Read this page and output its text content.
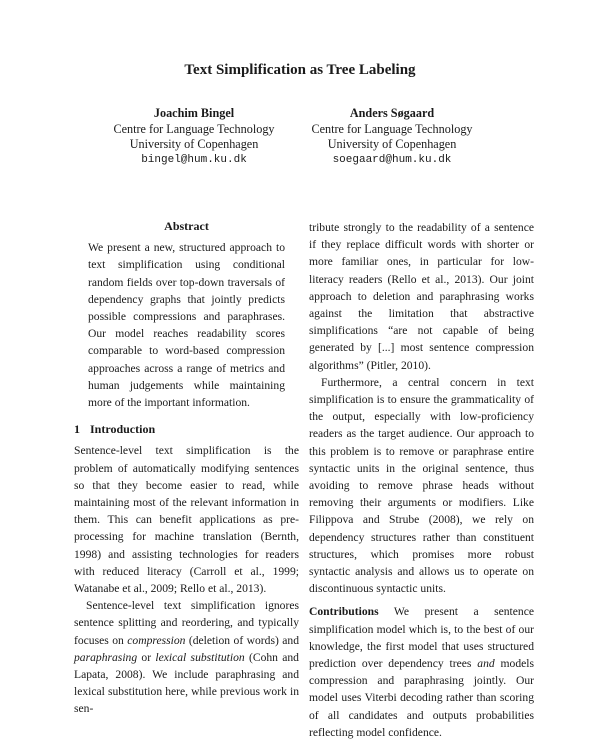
Text Simplification as Tree Labeling
Joachim Bingel
Centre for Language Technology
University of Copenhagen
bingel@hum.ku.dk
Anders Søgaard
Centre for Language Technology
University of Copenhagen
soegaard@hum.ku.dk
Abstract

We present a new, structured approach to text simplification using conditional random fields over top-down traversals of dependency graphs that jointly predicts possible compressions and paraphrases. Our model reaches readability scores comparable to word-based compression approaches across a range of metrics and human judgements while maintaining more of the important information.

1 Introduction

Sentence-level text simplification is the problem of automatically modifying sentences so that they become easier to read, while maintaining most of the relevant information in them. This can benefit applications as pre-processing for machine translation (Bernth, 1998) and assisting technologies for readers with reduced literacy (Carroll et al., 1999; Watanabe et al., 2009; Rello et al., 2013).

Sentence-level text simplification ignores sentence splitting and reordering, and typically focuses on compression (deletion of words) and paraphrasing or lexical substitution (Cohn and Lapata, 2008). We include paraphrasing and lexical substitution here, while previous work in sen-

tribute strongly to the readability of a sentence if they replace difficult words with shorter or more familiar ones, in particular for low-literacy readers (Rello et al., 2013). Our joint approach to deletion and paraphrasing works against the limitation that abstractive simplifications “are not capable of being generated by [...] most sentence compression algorithms” (Pitler, 2010).

Furthermore, a central concern in text simplification is to ensure the grammaticality of the output, especially with low-proficiency readers as the target audience. Our approach to this problem is to remove or paraphrase entire syntactic units in the original sentence, thus avoiding to remove phrase heads without removing their arguments or modifiers. Like Filippova and Strube (2008), we rely on dependency structures rather than constituent structures, which promises more robust syntactic analysis and allows us to operate on discontinuous syntactic units.

Contributions We present a sentence simplification model which is, to the best of our knowledge, the first model that uses structured prediction over dependency trees and models compression and paraphrasing jointly. Our model uses Viterbi decoding rather than scoring of all candidates and outputs probabilities reflecting model confidence.
